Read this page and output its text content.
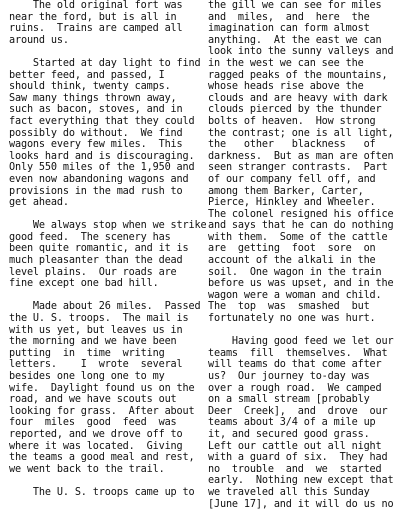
The old original fort was
near the ford, but is all in
ruins.  Trains are camped all
around us.
Started at day light to find
better feed, and passed, I
should think, twenty camps.
Saw many things thrown away,
such as bacon, stoves, and in
fact everything that they could
possibly do without.  We find
wagons every few miles.  This
looks hard and is discouraging.
Only 550 miles of the 1,950 and
even now abandoning wagons and
provisions in the mad rush to
get ahead.
We always stop when we strike
good feed.  The scenery has
been quite romantic, and it is
much pleasanter than the dead
level plains.  Our roads are
fine except one bad hill.
Made about 26 miles.  Passed
the U. S. troops.  The mail is
with us yet, but leaves us in
the morning and we have been
putting  in  time  writing
letters.    I  wrote  several
besides one long one to my
wife.  Daylight found us on the
road, and we have scouts out
looking for grass.  After about
four  miles  good  feed  was
reported, and we drove off to
where it was located.  Giving
the teams a good meal and rest,
we went back to the trail.
The U. S. troops came up to
the gill we can see for miles
and  miles,  and  here  the
imagination can form almost
anything.  At the east we can
look into the sunny valleys and
in the west we can see the
ragged peaks of the mountains,
whose heads rise above the
clouds and are heavy with dark
clouds pierced by the thunder
bolts of heaven.  How strong
the contrast; one is all light,
the   other   blackness   of
darkness.  But as man are often
seen stranger contrasts.  Part
of our company fell off, and
among them Barker, Carter,
Pierce, Hinkley and Wheeler.
The colonel resigned his office
and says that he can do nothing
with them.  Some of the cattle
are  getting  foot  sore  on
account of the alkali in the
soil.  One wagon in the train
before us was upset, and in the
wagon were a woman and child.
The  top  was  smashed  but
fortunately no one was hurt.
Having good feed we let our
teams  fill  themselves.  What
will teams do that come after
us?  Our journey to-day was
over a rough road.  We camped
on a small stream [probably
Deer  Creek],  and  drove  our
teams about 3/4 of a mile up
it, and secured good grass.
Left our cattle out all night
with a guard of six.  They had
no  trouble  and  we  started
early.  Nothing new except that
we traveled all this Sunday
[June 17], and it will do us no
